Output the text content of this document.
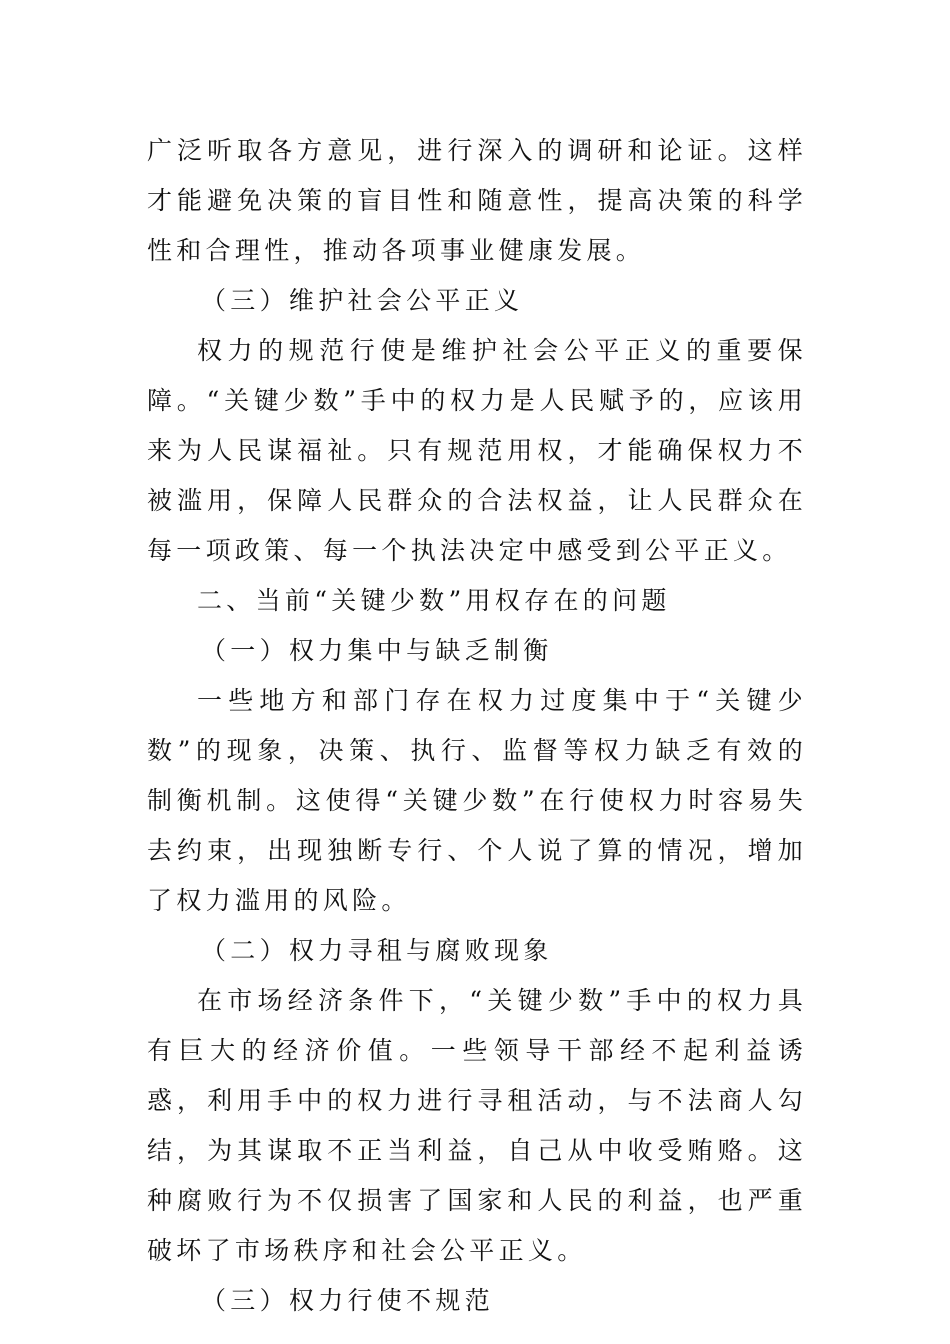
广泛听取各方意见，进行深入的调研和论证。这样才能避免决策的盲目性和随意性，提高决策的科学性和合理性，推动各项事业健康发展。

（三）维护社会公平正义

权力的规范行使是维护社会公平正义的重要保障。“关键少数”手中的权力是人民赋予的，应该用来为人民谋福祉。只有规范用权，才能确保权力不被滥用，保障人民群众的合法权益，让人民群众在每一项政策、每一个执法决定中感受到公平正义。

二、当前“关键少数”用权存在的问题

（一）权力集中与缺乏制衡

一些地方和部门存在权力过度集中于“关键少数”的现象，决策、执行、监督等权力缺乏有效的制衡机制。这使得“关键少数”在行使权力时容易失去约束，出现独断专行、个人说了算的情况，增加了权力滥用的风险。

（二）权力寻租与腐败现象

在市场经济条件下，“关键少数”手中的权力具有巨大的经济价值。一些领导干部经不起利益诱惑，利用手中的权力进行寻租活动，与不法商人勾结，为其谋取不正当利益，自己从中收受贿赂。这种腐败行为不仅损害了国家和人民的利益，也严重破坏了市场秩序和社会公平正义。

（三）权力行使不规范
